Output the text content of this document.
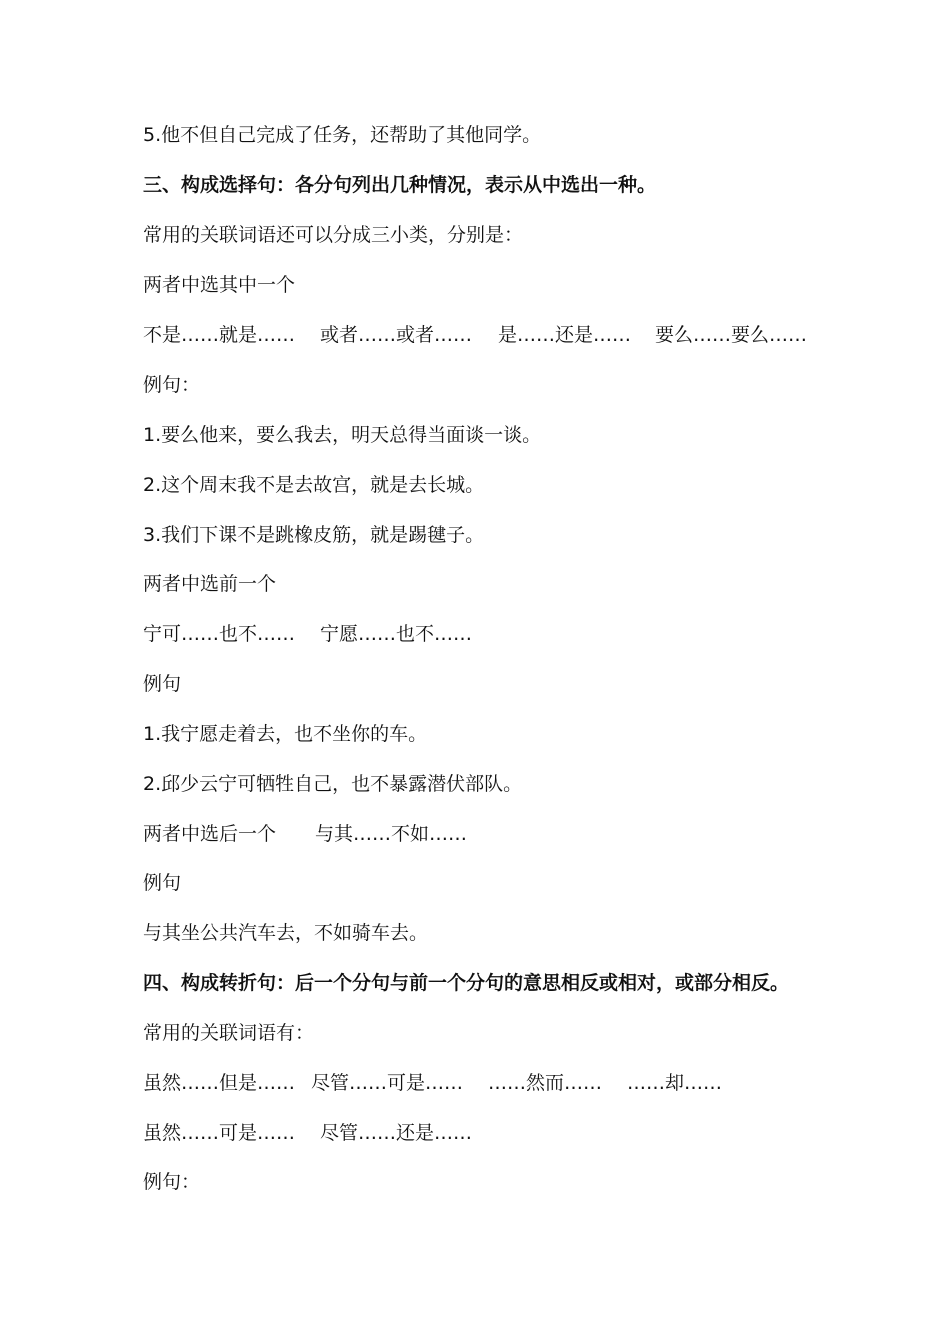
5.他不但自己完成了任务，还帮助了其他同学。
三、构成选择句：各分句列出几种情况，表示从中选出一种。
常用的关联词语还可以分成三小类，分别是：
两者中选其中一个
不是……就是…… 或者……或者…… 是……还是…… 要么……要么……
例句：
1.要么他来，要么我去，明天总得当面谈一谈。
2.这个周末我不是去故宫，就是去长城。
3.我们下课不是跳橡皮筋，就是踢毽子。
两者中选前一个
宁可……也不…… 宁愿……也不……
例句
1.我宁愿走着去，也不坐你的车。
2.邱少云宁可牺牲自己，也不暴露潜伏部队。
两者中选后一个 与其……不如……
例句
与其坐公共汽车去，不如骑车去。
四、构成转折句：后一个分句与前一个分句的意思相反或相对，或部分相反。
常用的关联词语有：
虽然……但是…… 尽管……可是…… ……然而…… ……却……
虽然……可是…… 尽管……还是……
例句：
